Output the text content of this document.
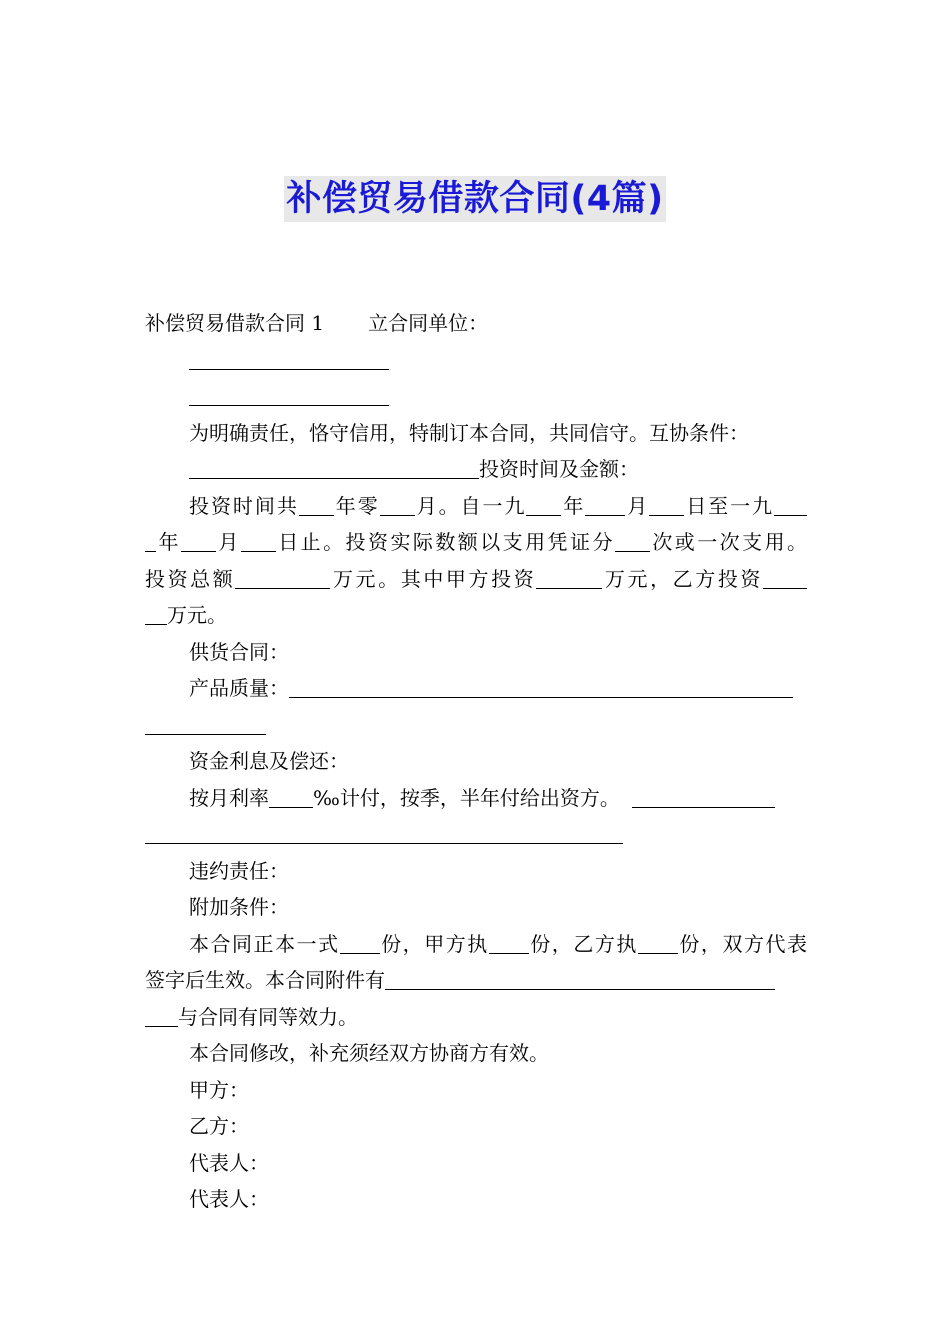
补偿贸易借款合同(4篇)
补偿贸易借款合同 1 立合同单位：
为明确责任，恪守信用，特制订本合同，共同信守。互协条件：
投资时间及金额：
投资时间共 年零 月。自一九 年 月 日至一九
年 月 日止。投资实际数额以支用凭证分 次或一次支用。
投资总额	万元。其中甲方投资	万元，乙方投资
万元。
供货合同：
产品质量：
资金利息及偿还：
按月利率 ‰计付，按季，半年付给出资方。
违约责任：
附加条件：
本合同正本一式 份，甲方执 份，乙方执 份，双方代表
签字后生效。本合同附件有
与合同有同等效力。
本合同修改，补充须经双方协商方有效。
甲方：
乙方：
代表人：
代表人：
